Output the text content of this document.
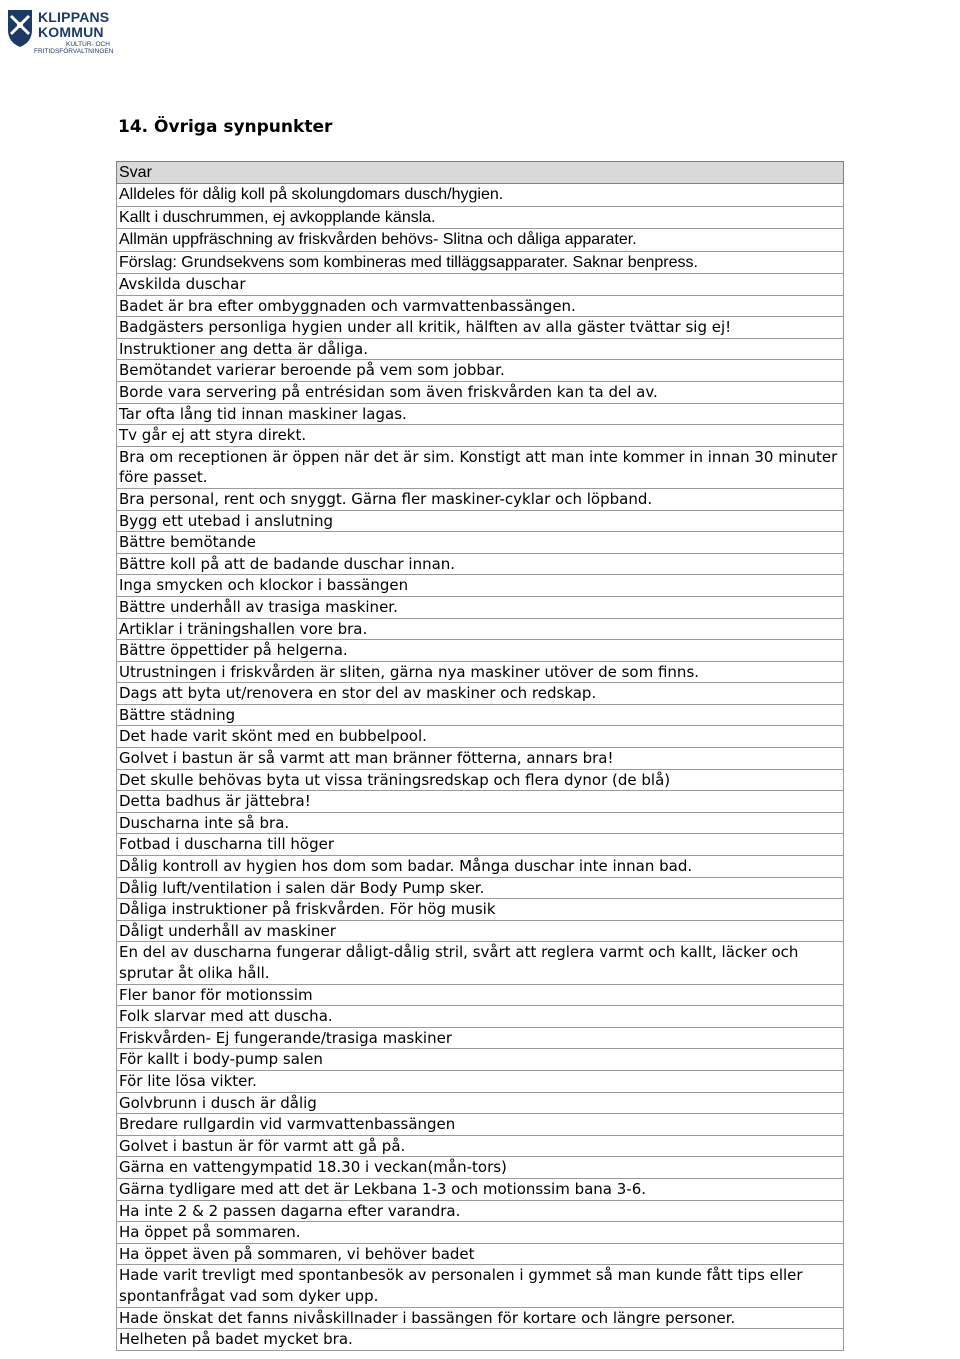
KLIPPANS
KOMMUN
KULTUR- OCH
FRITIDSFÖRVALTNINGEN
14. Övriga synpunkter
Svar
Alldeles för dålig koll på skolungdomars dusch/hygien.
Kallt i duschrummen, ej avkopplande känsla.
Allmän uppfräschning av friskvården behövs- Slitna och dåliga apparater.
Förslag: Grundsekvens som kombineras med tilläggsapparater. Saknar benpress.
Avskilda duschar
Badet är bra efter ombyggnaden och varmvattenbassängen.
Badgästers personliga hygien under all kritik, hälften av alla gäster tvättar sig ej!
Instruktioner ang detta är dåliga.
Bemötandet varierar beroende på vem som jobbar.
Borde vara servering på entrésidan som även friskvården kan ta del av.
Tar ofta lång tid innan maskiner lagas.
Tv går ej att styra direkt.
Bra om receptionen är öppen när det är sim. Konstigt att man inte kommer in innan 30 minuter före passet.
Bra personal, rent och snyggt. Gärna fler maskiner-cyklar och löpband.
Bygg ett utebad i anslutning
Bättre bemötande
Bättre koll på att de badande duschar innan.
Inga smycken och klockor i bassängen
Bättre underhåll av trasiga maskiner.
Artiklar i träningshallen vore bra.
Bättre öppettider på helgerna.
Utrustningen i friskvården är sliten, gärna nya maskiner utöver de som finns.
Dags att byta ut/renovera en stor del av maskiner och redskap.
Bättre städning
Det hade varit skönt med en bubbelpool.
Golvet i bastun är så varmt att man bränner fötterna, annars bra!
Det skulle behövas byta ut vissa träningsredskap och flera dynor (de blå)
Detta badhus är jättebra!
Duscharna inte så bra.
Fotbad i duscharna till höger
Dålig kontroll av hygien hos dom som badar. Många duschar inte innan bad.
Dålig luft/ventilation i salen där Body Pump sker.
Dåliga instruktioner på friskvården. För hög musik
Dåligt underhåll av maskiner
En del av duscharna fungerar dåligt-dålig stril, svårt att reglera varmt och kallt, läcker och sprutar åt olika håll.
Fler banor för motionssim
Folk slarvar med att duscha.
Friskvården- Ej fungerande/trasiga maskiner
För kallt i body-pump salen
För lite lösa vikter.
Golvbrunn i dusch är dålig
Bredare rullgardin vid varmvattenbassängen
Golvet i bastun är för varmt att gå på.
Gärna en vattengympatid 18.30 i veckan(mån-tors)
Gärna tydligare med att det är Lekbana 1-3 och motionssim bana 3-6.
Ha inte 2 & 2 passen dagarna efter varandra.
Ha öppet på sommaren.
Ha öppet även på sommaren, vi behöver badet
Hade varit trevligt med spontanbesök av personalen i gymmet så man kunde fått tips eller spontanfrågat vad som dyker upp.
Hade önskat det fanns nivåskillnader i bassängen för kortare och längre personer.
Helheten på badet mycket bra.
